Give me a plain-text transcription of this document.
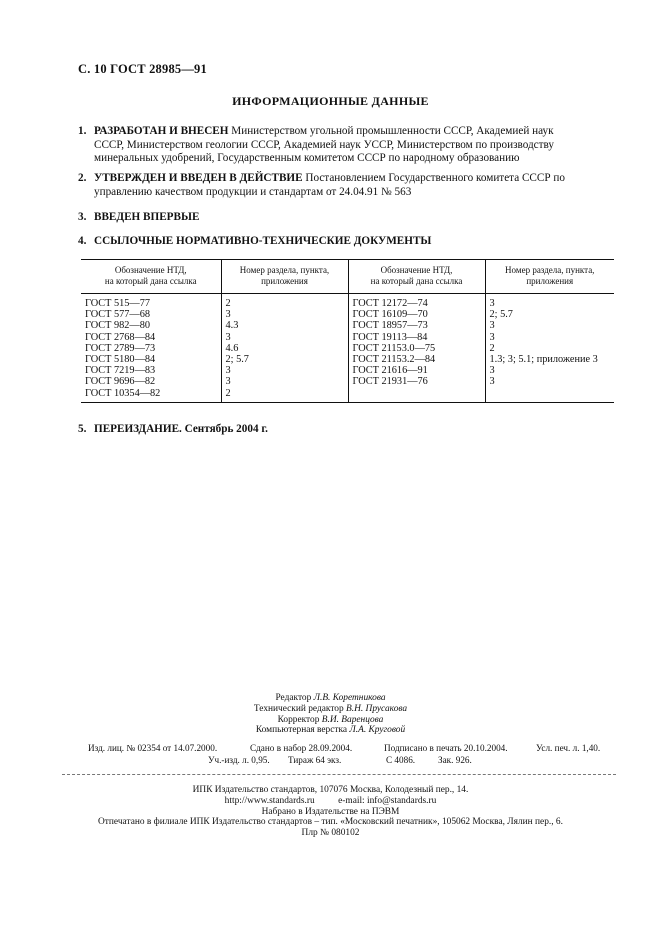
С. 10 ГОСТ 28985—91
ИНФОРМАЦИОННЫЕ ДАННЫЕ
1. РАЗРАБОТАН И ВНЕСЕН Министерством угольной промышленности СССР, Академией наук
СССР, Министерством геологии СССР, Академией наук УССР, Министерством по производству
минеральных удобрений, Государственным комитетом СССР по народному образованию
2. УТВЕРЖДЕН И ВВЕДЕН В ДЕЙСТВИЕ Постановлением Государственного комитета СССР по
управлению качеством продукции и стандартам от 24.04.91 № 563
3. ВВЕДЕН ВПЕРВЫЕ
4. ССЫЛОЧНЫЕ НОРМАТИВНО-ТЕХНИЧЕСКИЕ ДОКУМЕНТЫ
Обозначение НТД,
на который дана ссылка	Номер раздела, пункта,
приложения	Обозначение НТД,
на который дана ссылка	Номер раздела, пункта,
приложения
ГОСТ 515—77	2	ГОСТ 12172—74	3
ГОСТ 577—68	3	ГОСТ 16109—70	2; 5.7
ГОСТ 982—80	4.3	ГОСТ 18957—73	3
ГОСТ 2768—84	3	ГОСТ 19113—84	3
ГОСТ 2789—73	4.6	ГОСТ 21153.0—75	2
ГОСТ 5180—84	2; 5.7	ГОСТ 21153.2—84	1.3; 3; 5.1; приложение 3
ГОСТ 7219—83	3	ГОСТ 21616—91	3
ГОСТ 9696—82	3	ГОСТ 21931—76	3
ГОСТ 10354—82	2		
5. ПЕРЕИЗДАНИЕ. Сентябрь 2004 г.
Редактор Л.В. Коретникова
Технический редактор В.Н. Прусакова
Корректор В.И. Варенцова
Компьютерная верстка Л.А. Круговой
Изд. лиц. № 02354 от 14.07.2000.	Сдано в набор 28.09.2004.	Подписано в печать 20.10.2004.	Усл. печ. л. 1,40.
Уч.-изд. л. 0,95. Тираж 64 экз.	С 4086. Зак. 926.
ИПК Издательство стандартов, 107076 Москва, Колодезный пер., 14.
http://www.standards.ru          e-mail: info@standards.ru
Набрано в Издательстве на ПЭВМ
Отпечатано в филиале ИПК Издательство стандартов – тип. «Московский печатник», 105062 Москва, Лялин пер., 6.
Плр № 080102
